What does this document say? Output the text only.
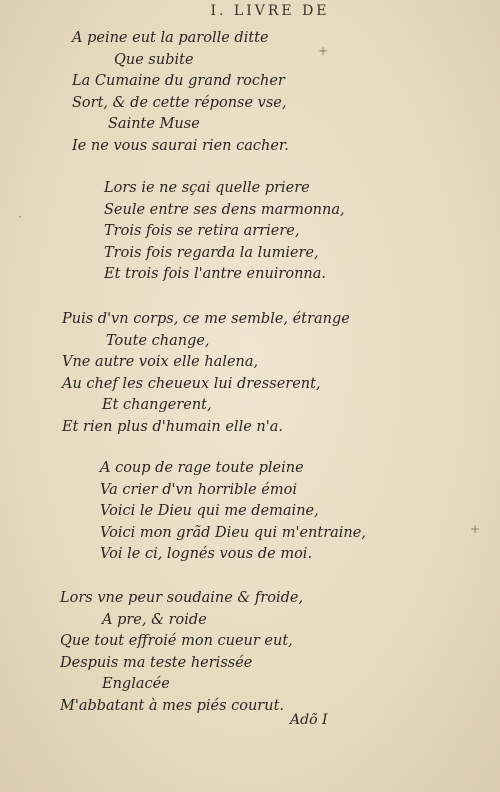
I. LIVRE DE
A peine eut la parolle ditte
Que subite
La Cumaine du grand rocher
Sort, & de cette réponse vse,
Sainte Muse
Ie ne vous saurai rien cacher.
Lors ie ne sçai quelle priere
Seule entre ses dens marmonna,
Trois fois se retira arriere,
Trois fois regarda la lumiere,
Et trois fois l'antre enuironna.
Puis d'vn corps, ce me semble, étrange
Toute change,
Vne autre voix elle halena,
Au chef les cheueux lui dresserent,
Et changerent,
Et rien plus d'humain elle n'a.
A coup de rage toute pleine
Va crier d'vn horrible émoi
Voici le Dieu qui me demaine,
Voici mon grãd Dieu qui m'entraine,
Voi le ci, lognés vous de moi.
Lors vne peur soudaine & froide,
A pre, & roide
Que tout effroié mon cueur eut,
Despuis ma teste herissée
Englacée
M'abbatant à mes piés courut.
Adõ I
+
·
+
